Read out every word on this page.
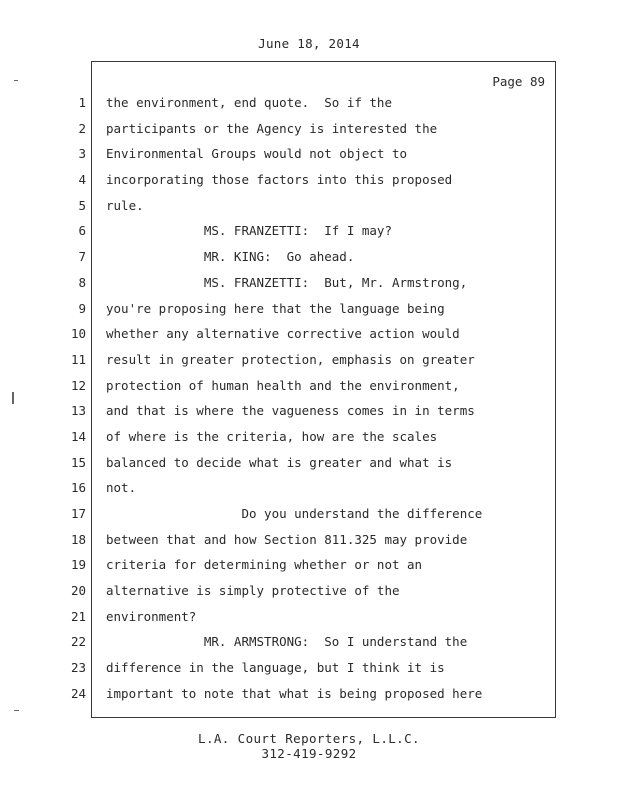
June 18, 2014
Page 89
1
2
3
4
5
6
7
8
9
10
11
12
13
14
15
16
17
18
19
20
21
22
23
24
the environment, end quote.  So if the
participants or the Agency is interested the
Environmental Groups would not object to
incorporating those factors into this proposed
rule.
MS. FRANZETTI:  If I may?
MR. KING:  Go ahead.
MS. FRANZETTI:  But, Mr. Armstrong,
you're proposing here that the language being
whether any alternative corrective action would
result in greater protection, emphasis on greater
protection of human health and the environment,
and that is where the vagueness comes in in terms
of where is the criteria, how are the scales
balanced to decide what is greater and what is
not.
Do you understand the difference
between that and how Section 811.325 may provide
criteria for determining whether or not an
alternative is simply protective of the
environment?
MR. ARMSTRONG:  So I understand the
difference in the language, but I think it is
important to note that what is being proposed here
L.A. Court Reporters, L.L.C.
312-419-9292
